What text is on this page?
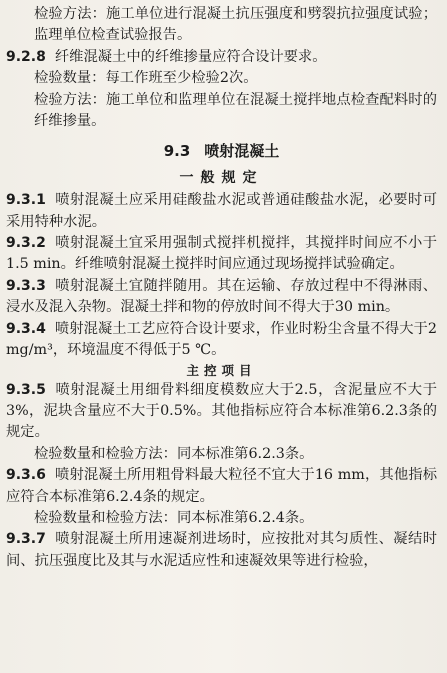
检验方法：施工单位进行混凝土抗压强度和劈裂抗拉强度试验；监理单位检查试验报告。

9.2.8 纤维混凝土中的纤维掺量应符合设计要求。

检验数量：每工作班至少检验2次。

检验方法：施工单位和监理单位在混凝土搅拌地点检查配料时的纤维掺量。

9.3 喷射混凝土
一般规定

9.3.1 喷射混凝土应采用硅酸盐水泥或普通硅酸盐水泥，必要时可采用特种水泥。

9.3.2 喷射混凝土宜采用强制式搅拌机搅拌，其搅拌时间应不小于1.5 min。纤维喷射混凝土搅拌时间应通过现场搅拌试验确定。

9.3.3 喷射混凝土宜随拌随用。其在运输、存放过程中不得淋雨、浸水及混入杂物。混凝土拌和物的停放时间不得大于30 min。

9.3.4 喷射混凝土工艺应符合设计要求，作业时粉尘含量不得大于2 mg/m³，环境温度不得低于5 ℃。

主控项目

9.3.5 喷射混凝土用细骨料细度模数应大于2.5，含泥量应不大于3%，泥块含量应不大于0.5%。其他指标应符合本标准第6.2.3条的规定。

检验数量和检验方法：同本标准第6.2.3条。

9.3.6 喷射混凝土所用粗骨料最大粒径不宜大于16 mm，其他指标应符合本标准第6.2.4条的规定。

检验数量和检验方法：同本标准第6.2.4条。

9.3.7 喷射混凝土所用速凝剂进场时，应按批对其匀质性、凝结时间、抗压强度比及其与水泥适应性和速凝效果等进行检验，
